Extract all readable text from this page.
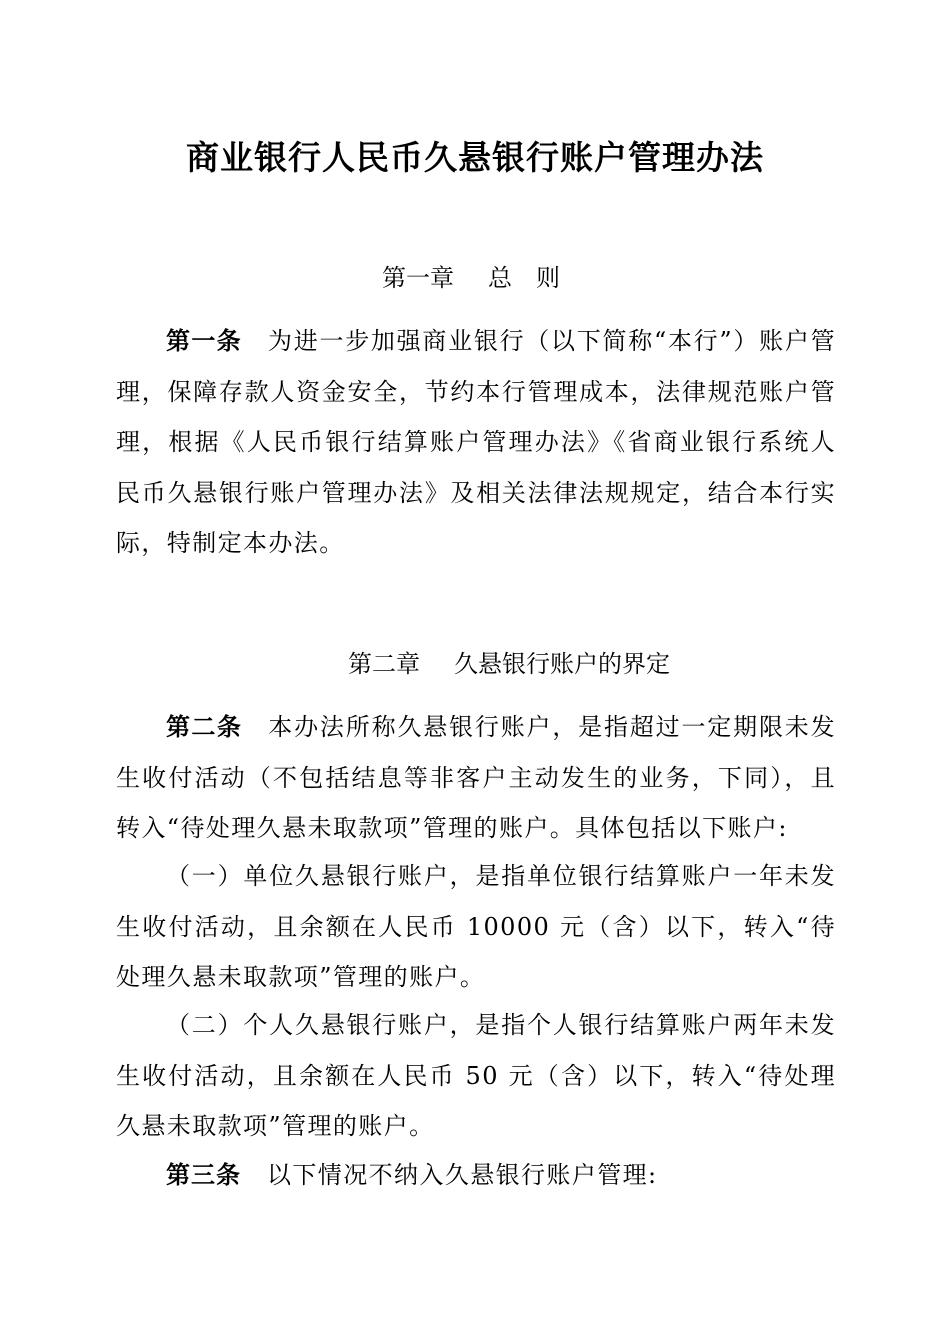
商业银行人民币久悬银行账户管理办法
第一章 总　则

第一条 为进一步加强商业银行（以下简称“本行”）账户管理，保障存款人资金安全，节约本行管理成本，法律规范账户管理，根据《人民币银行结算账户管理办法》《省商业银行系统人民币久悬银行账户管理办法》及相关法律法规规定，结合本行实际，特制定本办法。

第二章 久悬银行账户的界定

第二条 本办法所称久悬银行账户，是指超过一定期限未发生收付活动（不包括结息等非客户主动发生的业务，下同），且转入“待处理久悬未取款项”管理的账户。具体包括以下账户:

（一）单位久悬银行账户，是指单位银行结算账户一年未发生收付活动，且余额在人民币 10000 元（含）以下，转入“待处理久悬未取款项”管理的账户。

（二）个人久悬银行账户，是指个人银行结算账户两年未发生收付活动，且余额在人民币 50 元（含）以下，转入“待处理久悬未取款项”管理的账户。

第三条 以下情况不纳入久悬银行账户管理:
